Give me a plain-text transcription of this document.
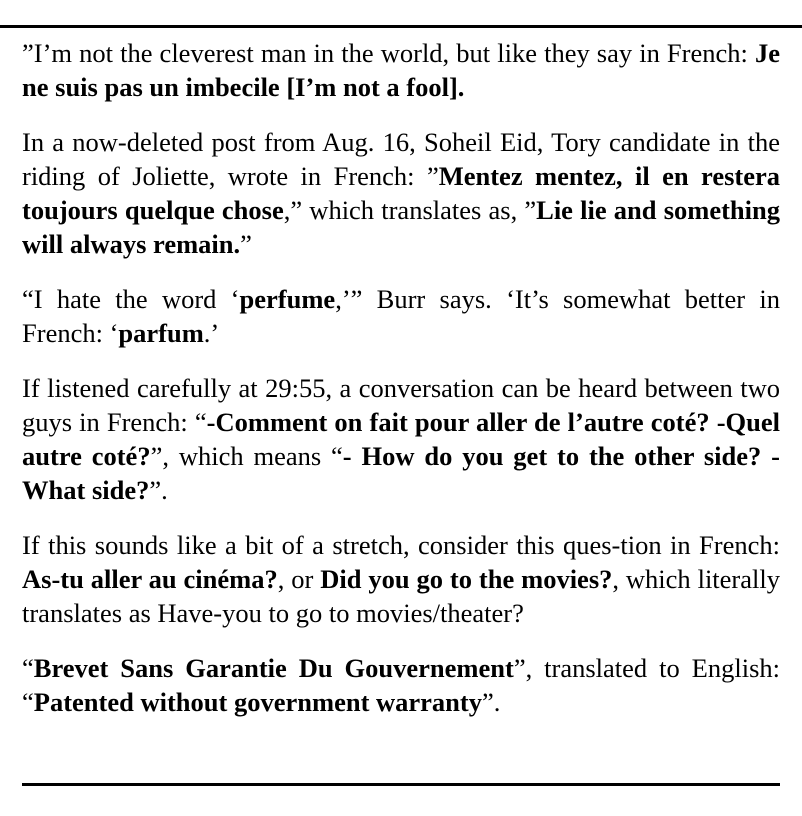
”I’m not the cleverest man in the world, but like they say in French: Je ne suis pas un imbecile [I’m not a fool].

In a now-deleted post from Aug. 16, Soheil Eid, Tory candidate in the riding of Joliette, wrote in French: ”Mentez mentez, il en restera toujours quelque chose,” which translates as, ”Lie lie and something will always remain.”

“I hate the word ‘perfume,’” Burr says. ‘It’s somewhat better in French: ‘parfum.’

If listened carefully at 29:55, a conversation can be heard between two guys in French: “-Comment on fait pour aller de l’autre coté? -Quel autre coté?”, which means “- How do you get to the other side? - What side?”.

If this sounds like a bit of a stretch, consider this ques-tion in French: As-tu aller au cinéma?, or Did you go to the movies?, which literally translates as Have-you to go to movies/theater?

“Brevet Sans Garantie Du Gouvernement”, translated to English: “Patented without government warranty”.
